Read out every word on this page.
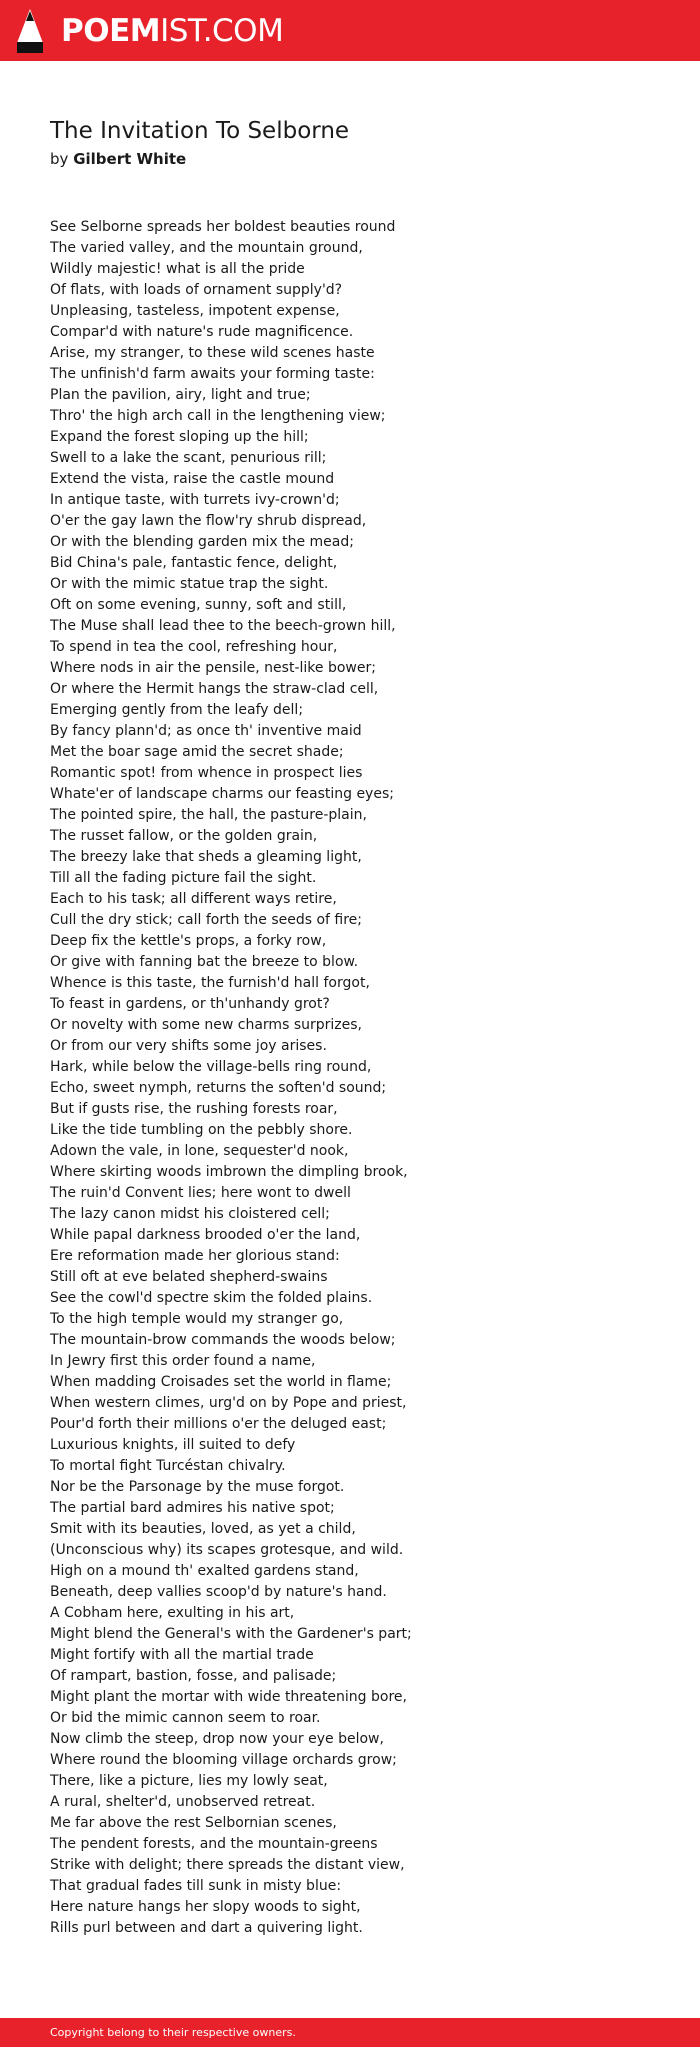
POEMIST.COM
The Invitation To Selborne
by Gilbert White
See Selborne spreads her boldest beauties round
The varied valley, and the mountain ground,
Wildly majestic! what is all the pride
Of flats, with loads of ornament supply'd?
Unpleasing, tasteless, impotent expense,
Compar'd with nature's rude magnificence.
Arise, my stranger, to these wild scenes haste
The unfinish'd farm awaits your forming taste:
Plan the pavilion, airy, light and true;
Thro' the high arch call in the lengthening view;
Expand the forest sloping up the hill;
Swell to a lake the scant, penurious rill;
Extend the vista, raise the castle mound
In antique taste, with turrets ivy-crown'd;
O'er the gay lawn the flow'ry shrub dispread,
Or with the blending garden mix the mead;
Bid China's pale, fantastic fence, delight,
Or with the mimic statue trap the sight.
Oft on some evening, sunny, soft and still,
The Muse shall lead thee to the beech-grown hill,
To spend in tea the cool, refreshing hour,
Where nods in air the pensile, nest-like bower;
Or where the Hermit hangs the straw-clad cell,
Emerging gently from the leafy dell;
By fancy plann'd; as once th' inventive maid
Met the boar sage amid the secret shade;
Romantic spot! from whence in prospect lies
Whate'er of landscape charms our feasting eyes;
The pointed spire, the hall, the pasture-plain,
The russet fallow, or the golden grain,
The breezy lake that sheds a gleaming light,
Till all the fading picture fail the sight.
Each to his task; all different ways retire,
Cull the dry stick; call forth the seeds of fire;
Deep fix the kettle's props, a forky row,
Or give with fanning bat the breeze to blow.
Whence is this taste, the furnish'd hall forgot,
To feast in gardens, or th'unhandy grot?
Or novelty with some new charms surprizes,
Or from our very shifts some joy arises.
Hark, while below the village-bells ring round,
Echo, sweet nymph, returns the soften'd sound;
But if gusts rise, the rushing forests roar,
Like the tide tumbling on the pebbly shore.
Adown the vale, in lone, sequester'd nook,
Where skirting woods imbrown the dimpling brook,
The ruin'd Convent lies; here wont to dwell
The lazy canon midst his cloistered cell;
While papal darkness brooded o'er the land,
Ere reformation made her glorious stand:
Still oft at eve belated shepherd-swains
See the cowl'd spectre skim the folded plains.
To the high temple would my stranger go,
The mountain-brow commands the woods below;
In Jewry first this order found a name,
When madding Croisades set the world in flame;
When western climes, urg'd on by Pope and priest,
Pour'd forth their millions o'er the deluged east;
Luxurious knights, ill suited to defy
To mortal fight Turcéstan chivalry.
Nor be the Parsonage by the muse forgot.
The partial bard admires his native spot;
Smit with its beauties, loved, as yet a child,
(Unconscious why) its scapes grotesque, and wild.
High on a mound th' exalted gardens stand,
Beneath, deep vallies scoop'd by nature's hand.
A Cobham here, exulting in his art,
Might blend the General's with the Gardener's part;
Might fortify with all the martial trade
Of rampart, bastion, fosse, and palisade;
Might plant the mortar with wide threatening bore,
Or bid the mimic cannon seem to roar.
Now climb the steep, drop now your eye below,
Where round the blooming village orchards grow;
There, like a picture, lies my lowly seat,
A rural, shelter'd, unobserved retreat.
Me far above the rest Selbornian scenes,
The pendent forests, and the mountain-greens
Strike with delight; there spreads the distant view,
That gradual fades till sunk in misty blue:
Here nature hangs her slopy woods to sight,
Rills purl between and dart a quivering light.
Copyright belong to their respective owners.
